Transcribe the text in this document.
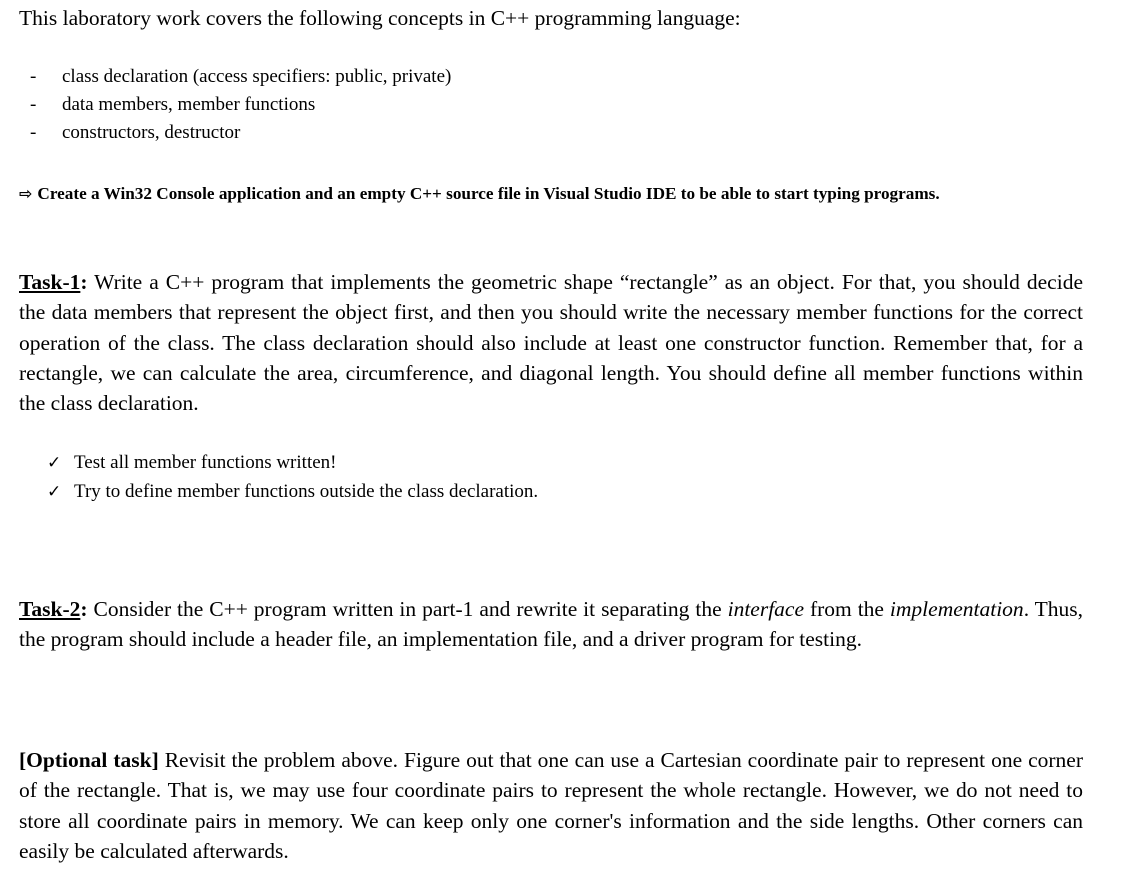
This laboratory work covers the following concepts in C++ programming language:

- class declaration (access specifiers: public, private)
- data members, member functions
- constructors, destructor

⇨ Create a Win32 Console application and an empty C++ source file in Visual Studio IDE to be able to start typing programs.

Task-1: Write a C++ program that implements the geometric shape “rectangle” as an object. For that, you should decide the data members that represent the object first, and then you should write the necessary member functions for the correct operation of the class. The class declaration should also include at least one constructor function. Remember that, for a rectangle, we can calculate the area, circumference, and diagonal length. You should define all member functions within the class declaration.

✓ Test all member functions written!
✓ Try to define member functions outside the class declaration.

Task-2: Consider the C++ program written in part-1 and rewrite it separating the interface from the implementation. Thus, the program should include a header file, an implementation file, and a driver program for testing.

[Optional task] Revisit the problem above. Figure out that one can use a Cartesian coordinate pair to represent one corner of the rectangle. That is, we may use four coordinate pairs to represent the whole rectangle. However, we do not need to store all coordinate pairs in memory. We can keep only one corner's information and the side lengths. Other corners can easily be calculated afterwards.
